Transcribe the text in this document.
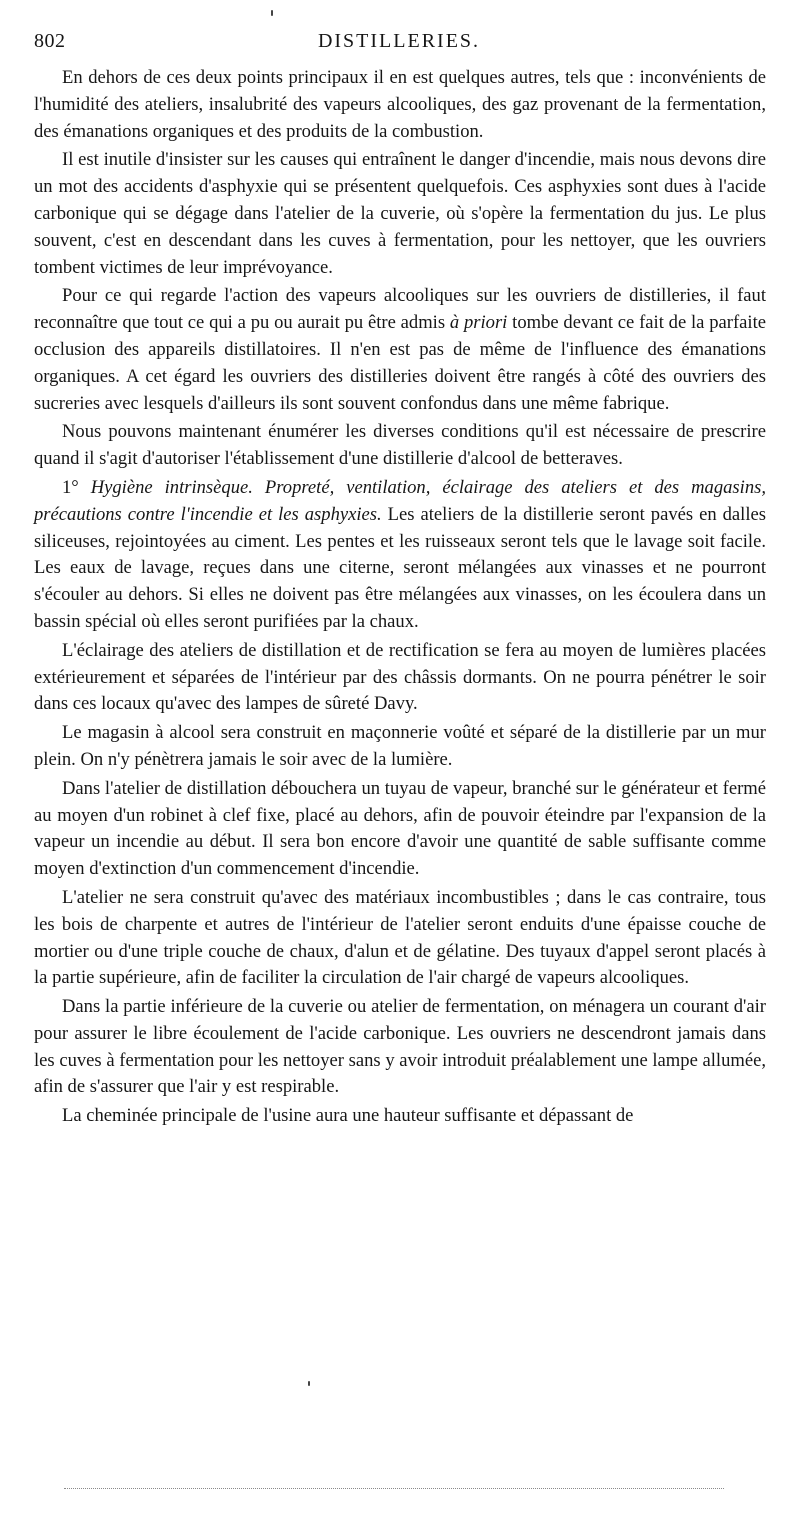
802	DISTILLERIES.

En dehors de ces deux points principaux il en est quelques autres, tels que : inconvénients de l'humidité des ateliers, insalubrité des vapeurs alcooliques, des gaz provenant de la fermentation, des émanations organiques et des produits de la combustion.

Il est inutile d'insister sur les causes qui entraînent le danger d'incendie, mais nous devons dire un mot des accidents d'asphyxie qui se présentent quelquefois. Ces asphyxies sont dues à l'acide carbonique qui se dégage dans l'atelier de la cuverie, où s'opère la fermentation du jus. Le plus souvent, c'est en descendant dans les cuves à fermentation, pour les nettoyer, que les ouvriers tombent victimes de leur imprévoyance.

Pour ce qui regarde l'action des vapeurs alcooliques sur les ouvriers de distilleries, il faut reconnaître que tout ce qui a pu ou aurait pu être admis à priori tombe devant ce fait de la parfaite occlusion des appareils distillatoires. Il n'en est pas de même de l'influence des émanations organiques. A cet égard les ouvriers des distilleries doivent être rangés à côté des ouvriers des sucreries avec lesquels d'ailleurs ils sont souvent confondus dans une même fabrique.

Nous pouvons maintenant énumérer les diverses conditions qu'il est nécessaire de prescrire quand il s'agit d'autoriser l'établissement d'une distillerie d'alcool de betteraves.

1° Hygiène intrinsèque. Propreté, ventilation, éclairage des ateliers et des magasins, précautions contre l'incendie et les asphyxies. Les ateliers de la distillerie seront pavés en dalles siliceuses, rejointoyées au ciment. Les pentes et les ruisseaux seront tels que le lavage soit facile. Les eaux de lavage, reçues dans une citerne, seront mélangées aux vinasses et ne pourront s'écouler au dehors. Si elles ne doivent pas être mélangées aux vinasses, on les écoulera dans un bassin spécial où elles seront purifiées par la chaux.

L'éclairage des ateliers de distillation et de rectification se fera au moyen de lumières placées extérieurement et séparées de l'intérieur par des châssis dormants. On ne pourra pénétrer le soir dans ces locaux qu'avec des lampes de sûreté Davy.

Le magasin à alcool sera construit en maçonnerie voûté et séparé de la distillerie par un mur plein. On n'y pénètrera jamais le soir avec de la lumière.

Dans l'atelier de distillation débouchera un tuyau de vapeur, branché sur le générateur et fermé au moyen d'un robinet à clef fixe, placé au dehors, afin de pouvoir éteindre par l'expansion de la vapeur un incendie au début. Il sera bon encore d'avoir une quantité de sable suffisante comme moyen d'extinction d'un commencement d'incendie.

L'atelier ne sera construit qu'avec des matériaux incombustibles ; dans le cas contraire, tous les bois de charpente et autres de l'intérieur de l'atelier seront enduits d'une épaisse couche de mortier ou d'une triple couche de chaux, d'alun et de gélatine. Des tuyaux d'appel seront placés à la partie supérieure, afin de faciliter la circulation de l'air chargé de vapeurs alcooliques.

Dans la partie inférieure de la cuverie ou atelier de fermentation, on ménagera un courant d'air pour assurer le libre écoulement de l'acide carbonique. Les ouvriers ne descendront jamais dans les cuves à fermentation pour les nettoyer sans y avoir introduit préalablement une lampe allumée, afin de s'assurer que l'air y est respirable.

La cheminée principale de l'usine aura une hauteur suffisante et dépassant de
